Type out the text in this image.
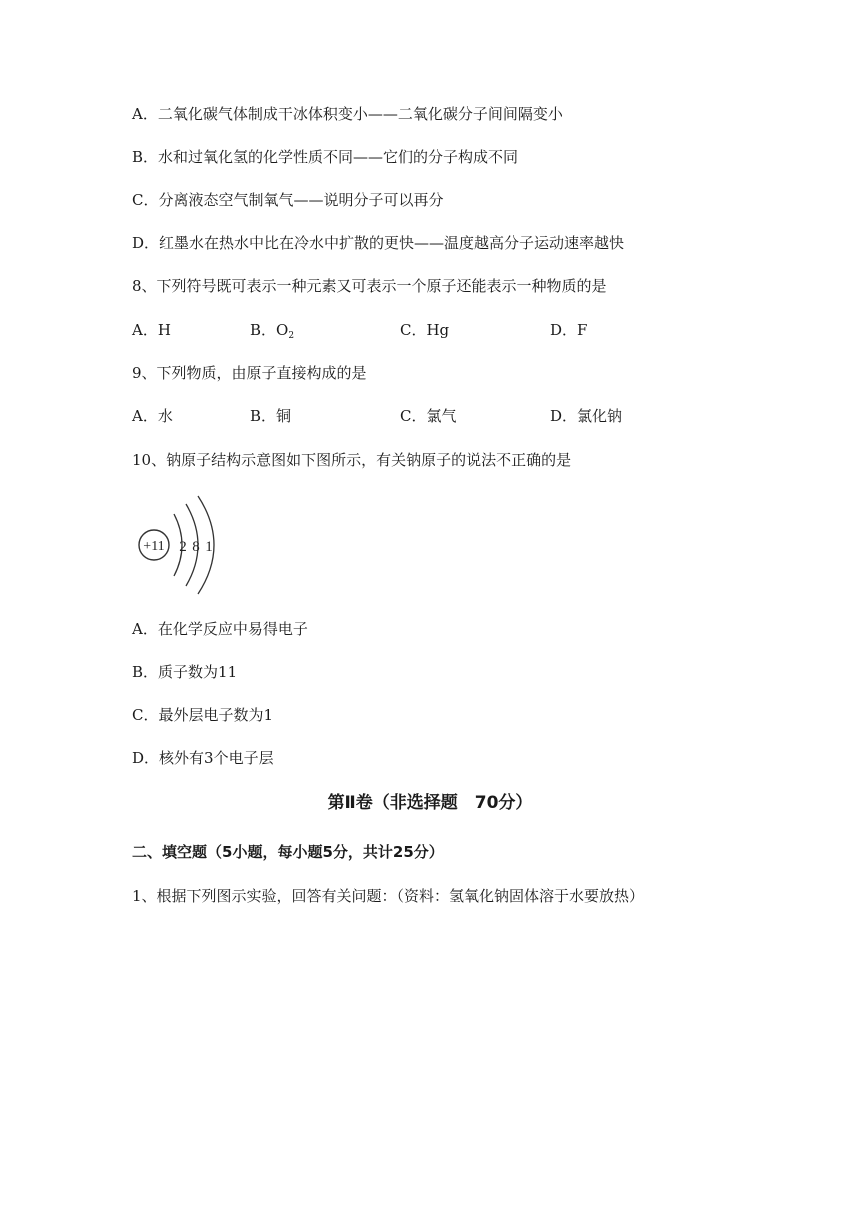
A．二氧化碳气体制成干冰体积变小——二氧化碳分子间间隔变小
B．水和过氧化氢的化学性质不同——它们的分子构成不同
C．分离液态空气制氧气——说明分子可以再分
D．红墨水在热水中比在冷水中扩散的更快——温度越高分子运动速率越快
8、下列符号既可表示一种元素又可表示一个原子还能表示一种物质的是
A．H	B．$O_2$	C．Hg	D．F
9、下列物质，由原子直接构成的是
A．水	B．铜	C．氯气	D．氯化钠
10、钠原子结构示意图如下图所示，有关钠原子的说法不正确的是
+11 2 8 1
A．在化学反应中易得电子
B．质子数为11
C．最外层电子数为1
D．核外有3个电子层
第Ⅱ卷（非选择题　70分）
二、填空题（5小题，每小题5分，共计25分）
1、根据下列图示实验，回答有关问题：（资料：氢氧化钠固体溶于水要放热）
